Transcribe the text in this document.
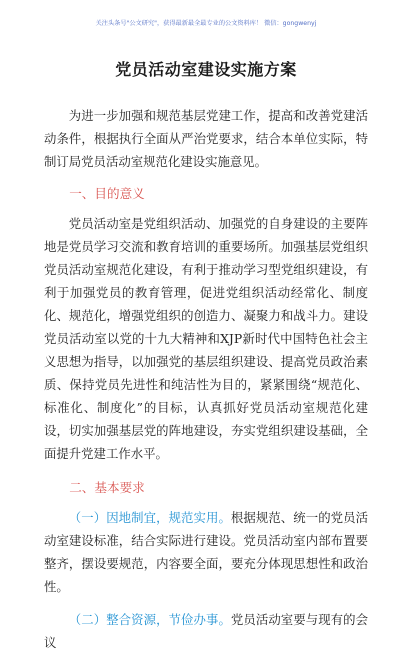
关注头条号"公文研究"，获得最新最全最专业的公文资料库！ 微信：gongwenyj
党员活动室建设实施方案

为进一步加强和规范基层党建工作，提高和改善党建活动条件，根据执行全面从严治党要求，结合本单位实际，特制订局党员活动室规范化建设实施意见。

一、目的意义

党员活动室是党组织活动、加强党的自身建设的主要阵地是党员学习交流和教育培训的重要场所。加强基层党组织党员活动室规范化建设，有利于推动学习型党组织建设，有利于加强党员的教育管理，促进党组织活动经常化、制度化、规范化，增强党组织的创造力、凝聚力和战斗力。建设党员活动室以党的十九大精神和XJP新时代中国特色社会主义思想为指导，以加强党的基层组织建设、提高党员政治素质、保持党员先进性和纯洁性为目的，紧紧围绕“规范化、标准化、制度化”的目标，认真抓好党员活动室规范化建设，切实加强基层党的阵地建设，夯实党组织建设基础，全面提升党建工作水平。

二、基本要求

（一）因地制宜，规范实用。根据规范、统一的党员活动室建设标准，结合实际进行建设。党员活动室内部布置要整齐，摆设要规范，内容要全面，要充分体现思想性和政治性。

（二）整合资源，节俭办事。党员活动室要与现有的会议
